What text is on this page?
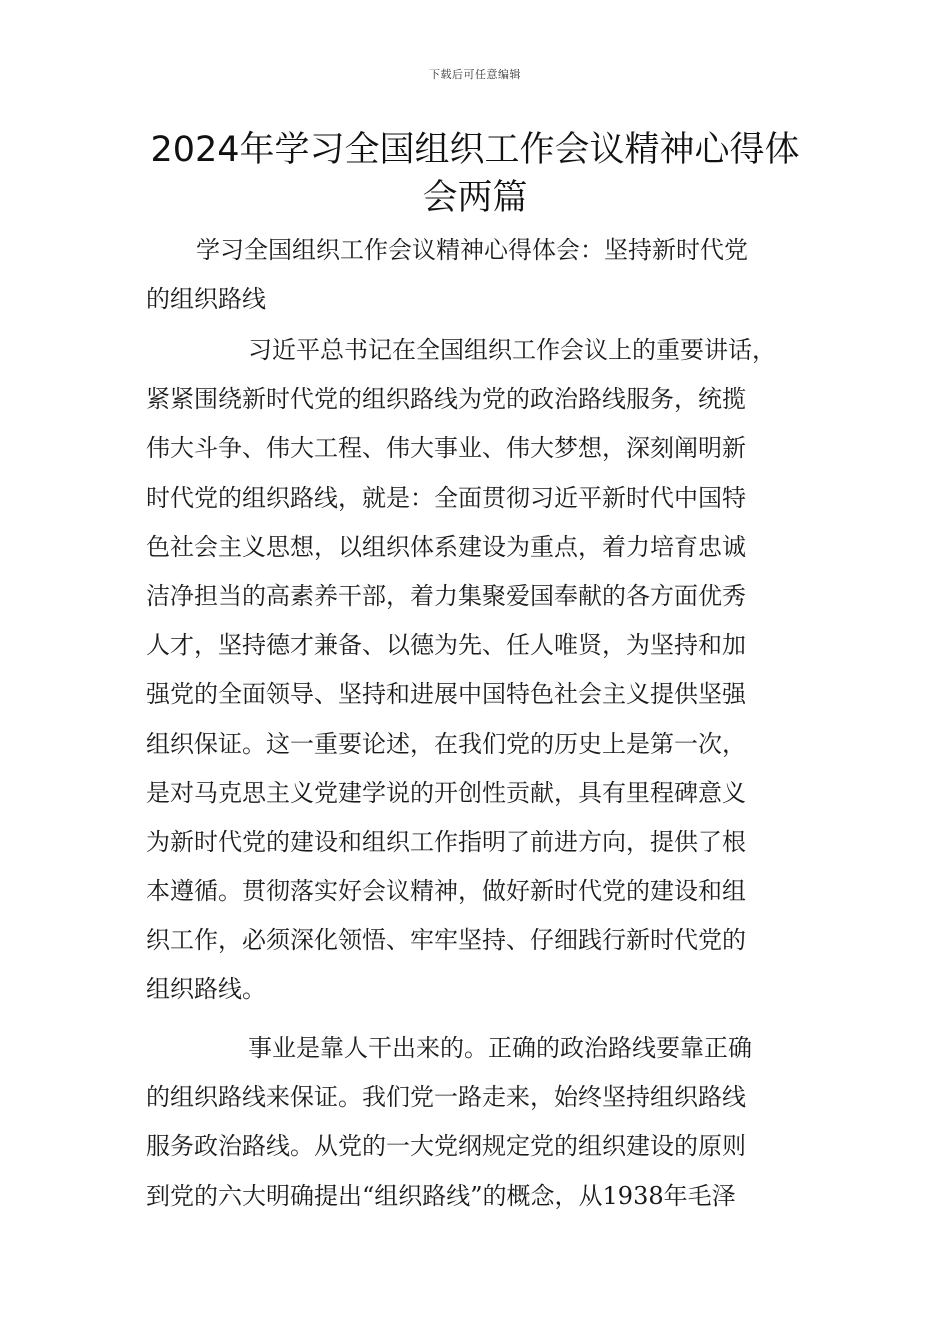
下载后可任意编辑
2024年学习全国组织工作会议精神心得体
会两篇
学习全国组织工作会议精神心得体会：坚持新时代党
的组织路线
习近平总书记在全国组织工作会议上的重要讲话，
紧紧围绕新时代党的组织路线为党的政治路线服务，统揽
伟大斗争、伟大工程、伟大事业、伟大梦想，深刻阐明新
时代党的组织路线，就是：全面贯彻习近平新时代中国特
色社会主义思想，以组织体系建设为重点，着力培育忠诚
洁净担当的高素养干部，着力集聚爱国奉献的各方面优秀
人才，坚持德才兼备、以德为先、任人唯贤，为坚持和加
强党的全面领导、坚持和进展中国特色社会主义提供坚强
组织保证。这一重要论述，在我们党的历史上是第一次，
是对马克思主义党建学说的开创性贡献，具有里程碑意义
为新时代党的建设和组织工作指明了前进方向，提供了根
本遵循。贯彻落实好会议精神，做好新时代党的建设和组
织工作，必须深化领悟、牢牢坚持、仔细践行新时代党的
组织路线。
事业是靠人干出来的。正确的政治路线要靠正确
的组织路线来保证。我们党一路走来，始终坚持组织路线
服务政治路线。从党的一大党纲规定党的组织建设的原则
到党的六大明确提出“组织路线”的概念，从1938年毛泽
